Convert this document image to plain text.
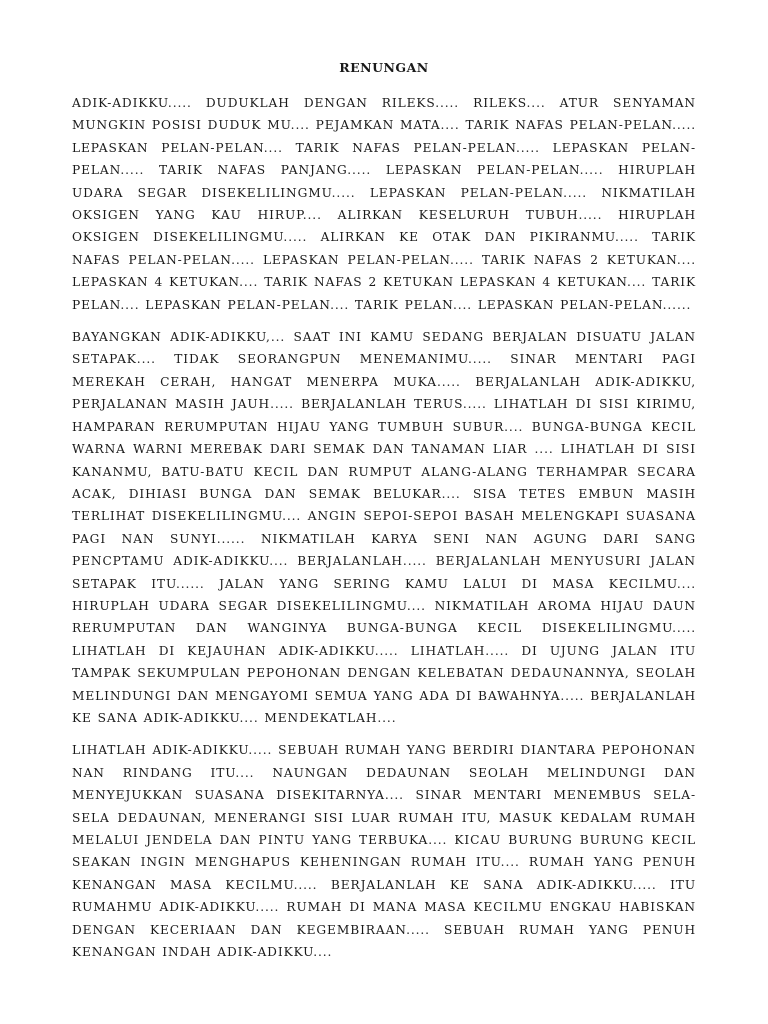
RENUNGAN

ADIK-ADIKKU..... DUDUKLAH DENGAN RILEKS..... RILEKS.... ATUR SENYAMAN MUNGKIN POSISI DUDUK MU.... PEJAMKAN MATA.... TARIK NAFAS PELAN-PELAN..... LEPASKAN PELAN-PELAN.... TARIK NAFAS PELAN-PELAN..... LEPASKAN PELAN-PELAN..... TARIK NAFAS PANJANG..... LEPASKAN PELAN-PELAN..... HIRUPLAH UDARA SEGAR DISEKELILINGMU..... LEPASKAN PELAN-PELAN..... NIKMATILAH OKSIGEN YANG KAU HIRUP.... ALIRKAN KESELURUH TUBUH..... HIRUPLAH OKSIGEN DISEKELILINGMU..... ALIRKAN KE OTAK DAN PIKIRANMU..... TARIK NAFAS PELAN-PELAN..... LEPASKAN PELAN-PELAN..... TARIK NAFAS 2 KETUKAN.... LEPASKAN 4 KETUKAN.... TARIK NAFAS 2 KETUKAN LEPASKAN 4 KETUKAN.... TARIK PELAN.... LEPASKAN PELAN-PELAN.... TARIK PELAN.... LEPASKAN PELAN-PELAN......

BAYANGKAN ADIK-ADIKKU,... SAAT INI KAMU SEDANG BERJALAN DISUATU JALAN SETAPAK.... TIDAK SEORANGPUN MENEMANIMU..... SINAR MENTARI PAGI MEREKAH CERAH, HANGAT MENERPA MUKA..... BERJALANLAH ADIK-ADIKKU, PERJALANAN MASIH JAUH..... BERJALANLAH TERUS..... LIHATLAH DI SISI KIRIMU, HAMPARAN RERUMPUTAN HIJAU YANG TUMBUH SUBUR.... BUNGA-BUNGA KECIL WARNA WARNI MEREBAK DARI SEMAK DAN TANAMAN LIAR .... LIHATLAH DI SISI KANANMU, BATU-BATU KECIL DAN RUMPUT ALANG-ALANG TERHAMPAR SECARA ACAK, DIHIASI BUNGA DAN SEMAK BELUKAR.... SISA TETES EMBUN MASIH TERLIHAT DISEKELILINGMU.... ANGIN SEPOI-SEPOI BASAH MELENGKAPI SUASANA PAGI NAN SUNYI...... NIKMATILAH KARYA SENI NAN AGUNG DARI SANG PENCPTAMU ADIK-ADIKKU.... BERJALANLAH..... BERJALANLAH MENYUSURI JALAN SETAPAK ITU...... JALAN YANG SERING KAMU LALUI DI MASA KECILMU.... HIRUPLAH UDARA SEGAR DISEKELILINGMU.... NIKMATILAH AROMA HIJAU DAUN RERUMPUTAN DAN WANGINYA BUNGA-BUNGA KECIL DISEKELILINGMU..... LIHATLAH DI KEJAUHAN ADIK-ADIKKU..... LIHATLAH..... DI UJUNG JALAN ITU TAMPAK SEKUMPULAN PEPOHONAN DENGAN KELEBATAN DEDAUNANNYA, SEOLAH MELINDUNGI DAN MENGAYOMI SEMUA YANG ADA DI BAWAHNYA..... BERJALANLAH KE SANA ADIK-ADIKKU.... MENDEKATLAH....

LIHATLAH ADIK-ADIKKU..... SEBUAH RUMAH YANG BERDIRI DIANTARA PEPOHONAN NAN RINDANG ITU.... NAUNGAN DEDAUNAN SEOLAH MELINDUNGI DAN MENYEJUKKAN SUASANA DISEKITARNYA.... SINAR MENTARI MENEMBUS SELA-SELA DEDAUNAN, MENERANGI SISI LUAR RUMAH ITU, MASUK KEDALAM RUMAH MELALUI JENDELA DAN PINTU YANG TERBUKA.... KICAU BURUNG BURUNG KECIL SEAKAN INGIN MENGHAPUS KEHENINGAN RUMAH ITU.... RUMAH YANG PENUH KENANGAN MASA KECILMU..... BERJALANLAH KE SANA ADIK-ADIKKU..... ITU RUMAHMU ADIK-ADIKKU..... RUMAH DI MANA MASA KECILMU ENGKAU HABISKAN DENGAN KECERIAAN DAN KEGEMBIRAAN..... SEBUAH RUMAH YANG PENUH KENANGAN INDAH ADIK-ADIKKU....
